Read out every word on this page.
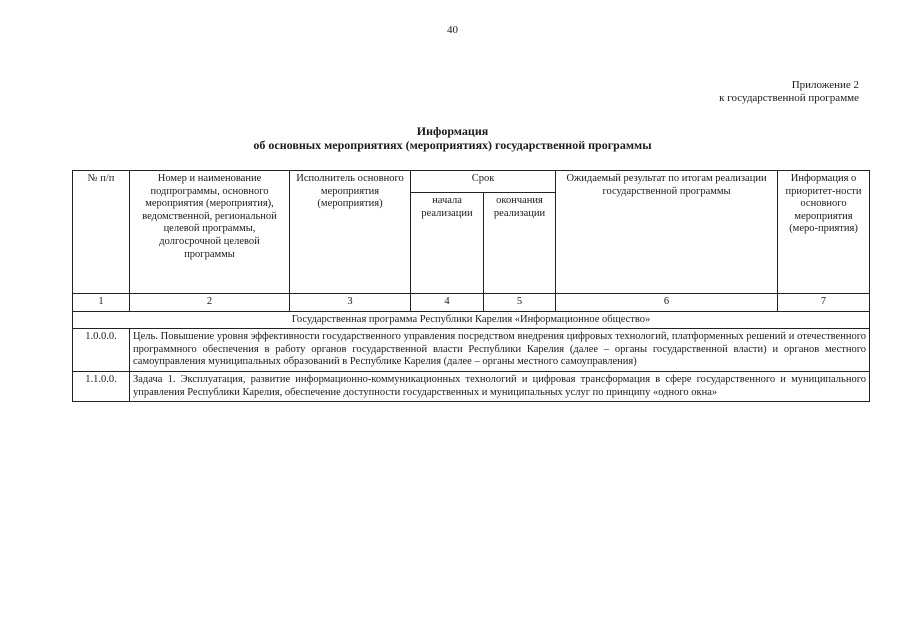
40
Приложение 2
к государственной программе
Информация
об основных мероприятиях (мероприятиях) государственной программы
№ п/п	Номер и наименование подпрограммы, основного мероприятия (мероприятия), ведомственной, региональной целевой программы, долгосрочной целевой программы	Исполнитель основного мероприятия (мероприятия)	Срок		Ожидаемый результат по итогам реализации государственной программы	Информация о приоритет-ности основного мероприятия (меро-приятия)
			начала реализации	окончания реализации		
1	2	3	4	5	6	7
Государственная программа Республики Карелия «Информационное общество»						
1.0.0.0.	Цель. Повышение уровня эффективности государственного управления посредством внедрения цифровых технологий, платформенных решений и отечественного программного обеспечения в работу органов государственной власти Республики Карелия (далее – органы государственной власти) и органов местного самоуправления муниципальных образований в Республике Карелия (далее – органы местного самоуправления)					
1.1.0.0.	Задача 1. Эксплуатация, развитие информационно-коммуникационных технологий и цифровая трансформация в сфере государственного и муниципального управления Республики Карелия, обеспечение доступности государственных и муниципальных услуг по принципу «одного окна»					
